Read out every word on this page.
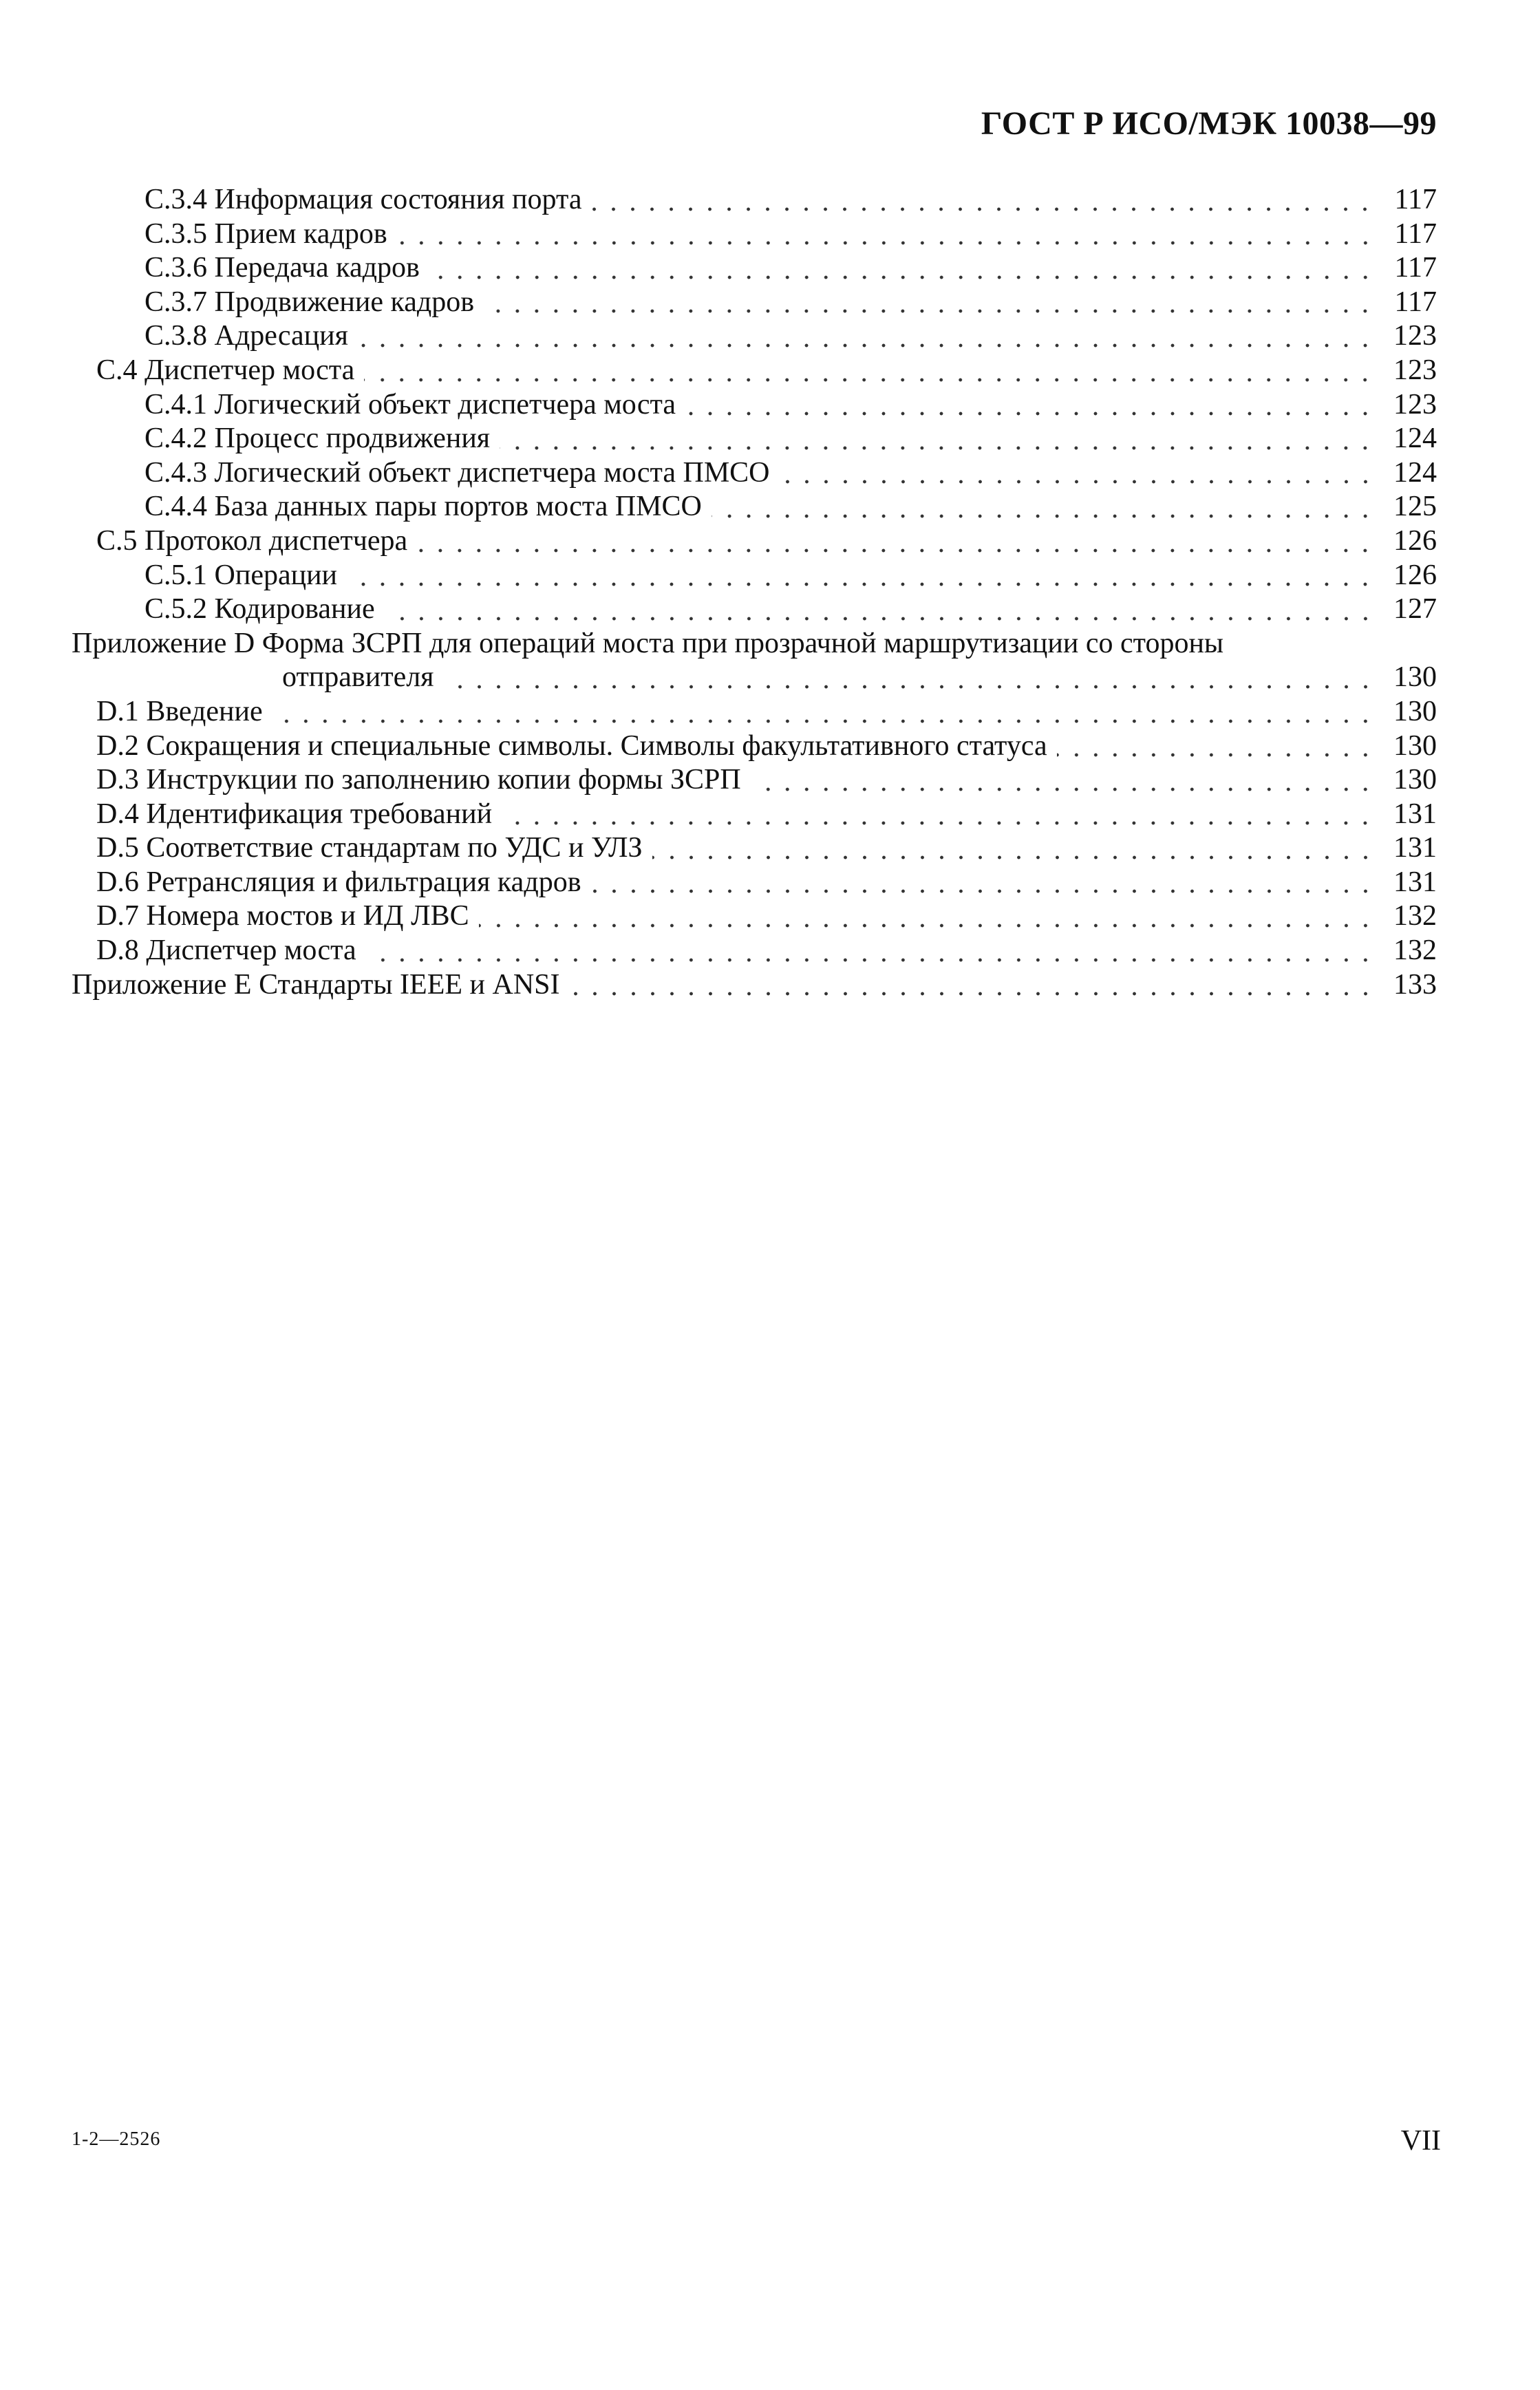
ГОСТ Р ИСО/МЭК 10038—99
C.3.4 Информация состояния порта	117
C.3.5 Прием кадров	117
C.3.6 Передача кадров	117
C.3.7 Продвижение кадров	117
C.3.8 Адресация	123
C.4 Диспетчер моста	123
C.4.1 Логический объект диспетчера моста	123
C.4.2 Процесс продвижения	124
C.4.3 Логический объект диспетчера моста ПМСО	124
C.4.4 База данных пары портов моста ПМСО	125
C.5 Протокол диспетчера	126
C.5.1 Операции	126
C.5.2 Кодирование	127
Приложение D Форма ЗСРП для операций моста при прозрачной маршрутизации со стороны
отправителя	130
D.1 Введение	130
D.2 Сокращения и специальные символы. Символы факультативного статуса	130
D.3 Инструкции по заполнению копии формы ЗСРП	130
D.4 Идентификация требований	131
D.5 Соответствие стандартам по УДС и УЛЗ	131
D.6 Ретрансляция и фильтрация кадров	131
D.7 Номера мостов и ИД ЛВС	132
D.8 Диспетчер моста	132
Приложение Е Стандарты IEEE и ANSI	133
1-2—2526	VII
